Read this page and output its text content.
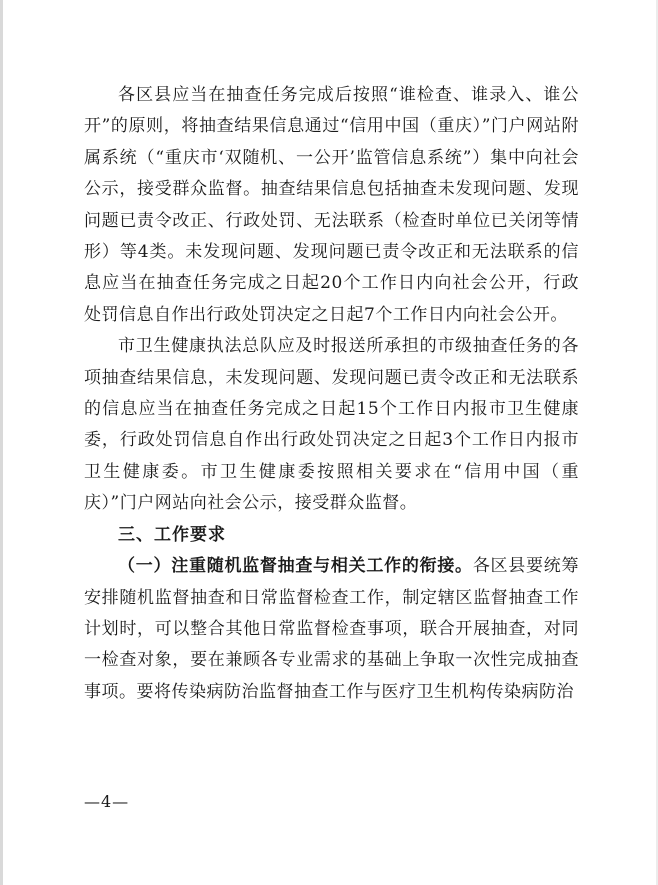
各区县应当在抽查任务完成后按照“谁检查、谁录入、谁公开”的原则，将抽查结果信息通过“信用中国（重庆）”门户网站附属系统（“重庆市‘双随机、一公开’监管信息系统”）集中向社会公示，接受群众监督。抽查结果信息包括抽查未发现问题、发现问题已责令改正、行政处罚、无法联系（检查时单位已关闭等情形）等4类。未发现问题、发现问题已责令改正和无法联系的信息应当在抽查任务完成之日起20个工作日内向社会公开，行政处罚信息自作出行政处罚决定之日起7个工作日内向社会公开。

市卫生健康执法总队应及时报送所承担的市级抽查任务的各项抽查结果信息，未发现问题、发现问题已责令改正和无法联系的信息应当在抽查任务完成之日起15个工作日内报市卫生健康委，行政处罚信息自作出行政处罚决定之日起3个工作日内报市卫生健康委。市卫生健康委按照相关要求在“信用中国（重庆）”门户网站向社会公示，接受群众监督。

三、工作要求

（一）注重随机监督抽查与相关工作的衔接。各区县要统筹安排随机监督抽查和日常监督检查工作，制定辖区监督抽查工作计划时，可以整合其他日常监督检查事项，联合开展抽查，对同一检查对象，要在兼顾各专业需求的基础上争取一次性完成抽查事项。要将传染病防治监督抽查工作与医疗卫生机构传染病防治

—4—
